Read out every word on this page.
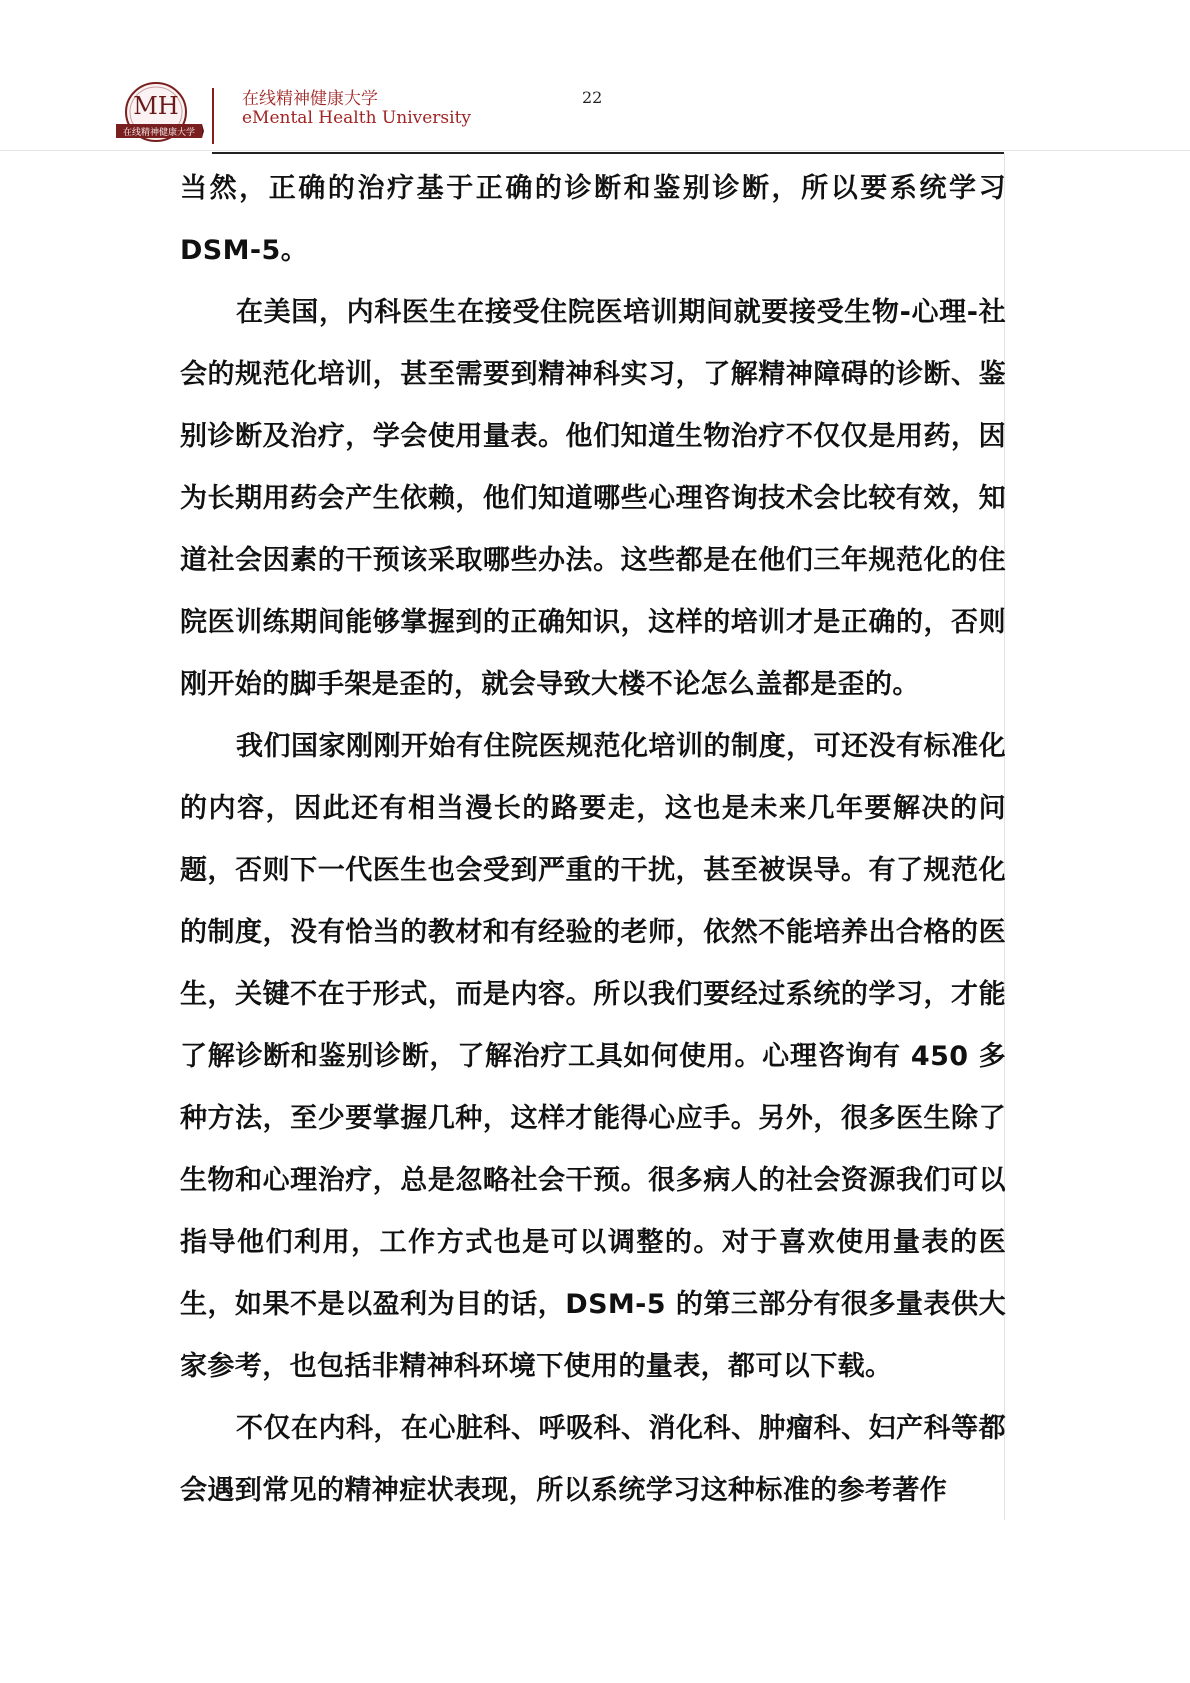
MH
在线精神健康大学
在线精神健康大学
eMental Health University
22

当然，正确的治疗基于正确的诊断和鉴别诊断，所以要系统学习DSM-5。

在美国，内科医生在接受住院医培训期间就要接受生物-心理-社会的规范化培训，甚至需要到精神科实习，了解精神障碍的诊断、鉴别诊断及治疗，学会使用量表。他们知道生物治疗不仅仅是用药，因为长期用药会产生依赖，他们知道哪些心理咨询技术会比较有效，知道社会因素的干预该采取哪些办法。这些都是在他们三年规范化的住院医训练期间能够掌握到的正确知识，这样的培训才是正确的，否则刚开始的脚手架是歪的，就会导致大楼不论怎么盖都是歪的。

我们国家刚刚开始有住院医规范化培训的制度，可还没有标准化的内容，因此还有相当漫长的路要走，这也是未来几年要解决的问题，否则下一代医生也会受到严重的干扰，甚至被误导。有了规范化的制度，没有恰当的教材和有经验的老师，依然不能培养出合格的医生，关键不在于形式，而是内容。所以我们要经过系统的学习，才能了解诊断和鉴别诊断，了解治疗工具如何使用。心理咨询有 450 多种方法，至少要掌握几种，这样才能得心应手。另外，很多医生除了生物和心理治疗，总是忽略社会干预。很多病人的社会资源我们可以指导他们利用，工作方式也是可以调整的。对于喜欢使用量表的医生，如果不是以盈利为目的话，DSM-5 的第三部分有很多量表供大家参考，也包括非精神科环境下使用的量表，都可以下载。

不仅在内科，在心脏科、呼吸科、消化科、肿瘤科、妇产科等都会遇到常见的精神症状表现，所以系统学习这种标准的参考著作
